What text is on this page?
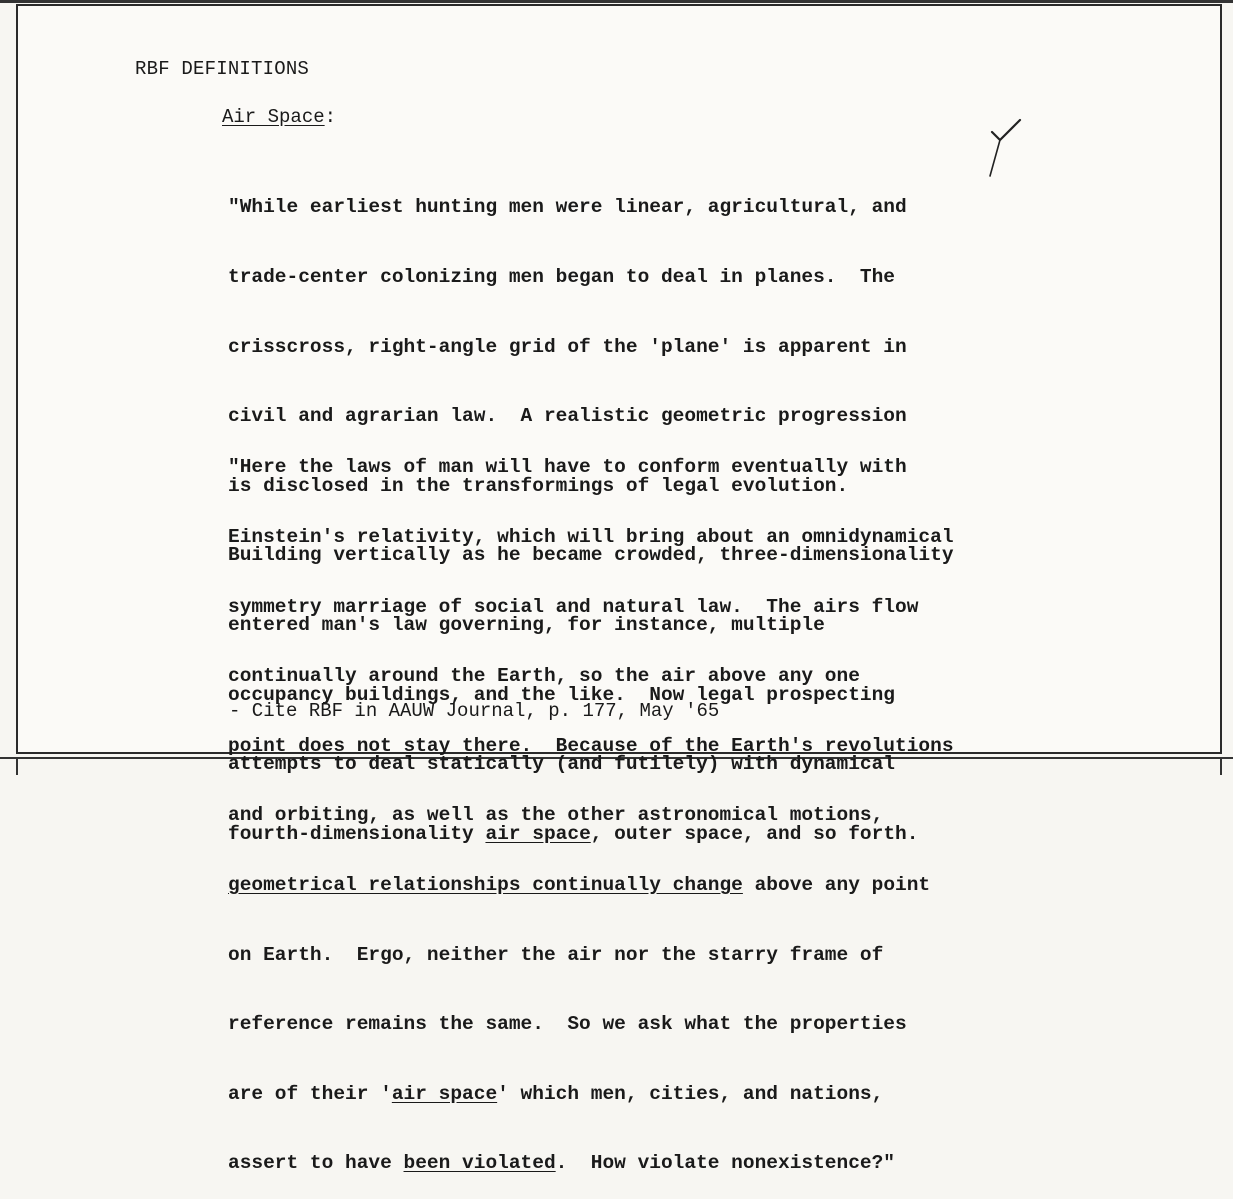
RBF DEFINITIONS
Air Space:

"While earliest hunting men were linear, agricultural, and

trade-center colonizing men began to deal in planes.  The

crisscross, right-angle grid of the 'plane' is apparent in

civil and agrarian law.  A realistic geometric progression

is disclosed in the transformings of legal evolution.

Building vertically as he became crowded, three-dimensionality

entered man's law governing, for instance, multiple

occupancy buildings, and the like.  Now legal prospecting

attempts to deal statically (and futilely) with dynamical

fourth-dimensionality air space, outer space, and so forth.

"Here the laws of man will have to conform eventually with

Einstein's relativity, which will bring about an omnidynamical

symmetry marriage of social and natural law.  The airs flow

continually around the Earth, so the air above any one

point does not stay there.  Because of the Earth's revolutions

and orbiting, as well as the other astronomical motions,

geometrical relationships continually change above any point

on Earth.  Ergo, neither the air nor the starry frame of

reference remains the same.  So we ask what the properties

are of their 'air space' which men, cities, and nations,

assert to have been violated.  How violate nonexistence?"

- Cite RBF in AAUW Journal, p. 177, May '65
